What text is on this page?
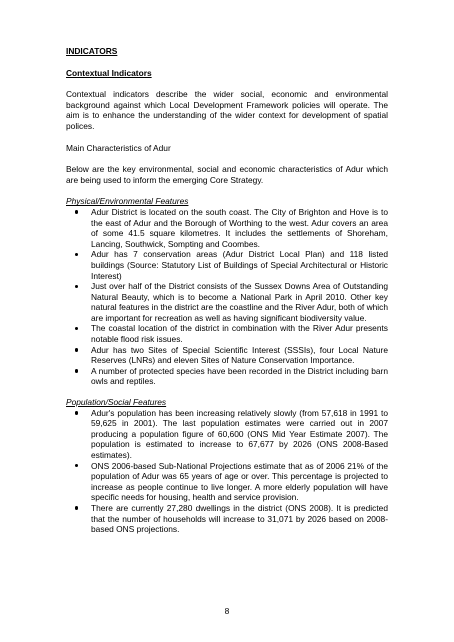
INDICATORS

Contextual Indicators

Contextual indicators describe the wider social, economic and environmental background against which Local Development Framework policies will operate. The aim is to enhance the understanding of the wider context for development of spatial polices.

Main Characteristics of Adur

Below are the key environmental, social and economic characteristics of Adur which are being used to inform the emerging Core Strategy.

Physical/Environmental Features

Adur District is located on the south coast. The City of Brighton and Hove is to the east of Adur and the Borough of Worthing to the west. Adur covers an area of some 41.5 square kilometres. It includes the settlements of Shoreham, Lancing, Southwick, Sompting and Coombes.
Adur has 7 conservation areas (Adur District Local Plan) and 118 listed buildings (Source: Statutory List of Buildings of Special Architectural or Historic Interest)
Just over half of the District consists of the Sussex Downs Area of Outstanding Natural Beauty, which is to become a National Park in April 2010. Other key natural features in the district are the coastline and the River Adur, both of which are important for recreation as well as having significant biodiversity value.
The coastal location of the district in combination with the River Adur presents notable flood risk issues.
Adur has two Sites of Special Scientific Interest (SSSIs), four Local Nature Reserves (LNRs) and eleven Sites of Nature Conservation Importance.
A number of protected species have been recorded in the District including barn owls and reptiles.

Population/Social Features

Adur's population has been increasing relatively slowly (from 57,618 in 1991 to 59,625 in 2001). The last population estimates were carried out in 2007 producing a population figure of 60,600 (ONS Mid Year Estimate 2007). The population is estimated to increase to 67,677 by 2026 (ONS 2008-Based estimates).
ONS 2006-based Sub-National Projections estimate that as of 2006 21% of the population of Adur was 65 years of age or over. This percentage is projected to increase as people continue to live longer. A more elderly population will have specific needs for housing, health and service provision.
There are currently 27,280 dwellings in the district (ONS 2008). It is predicted that the number of households will increase to 31,071 by 2026 based on 2008-based ONS projections.
8
